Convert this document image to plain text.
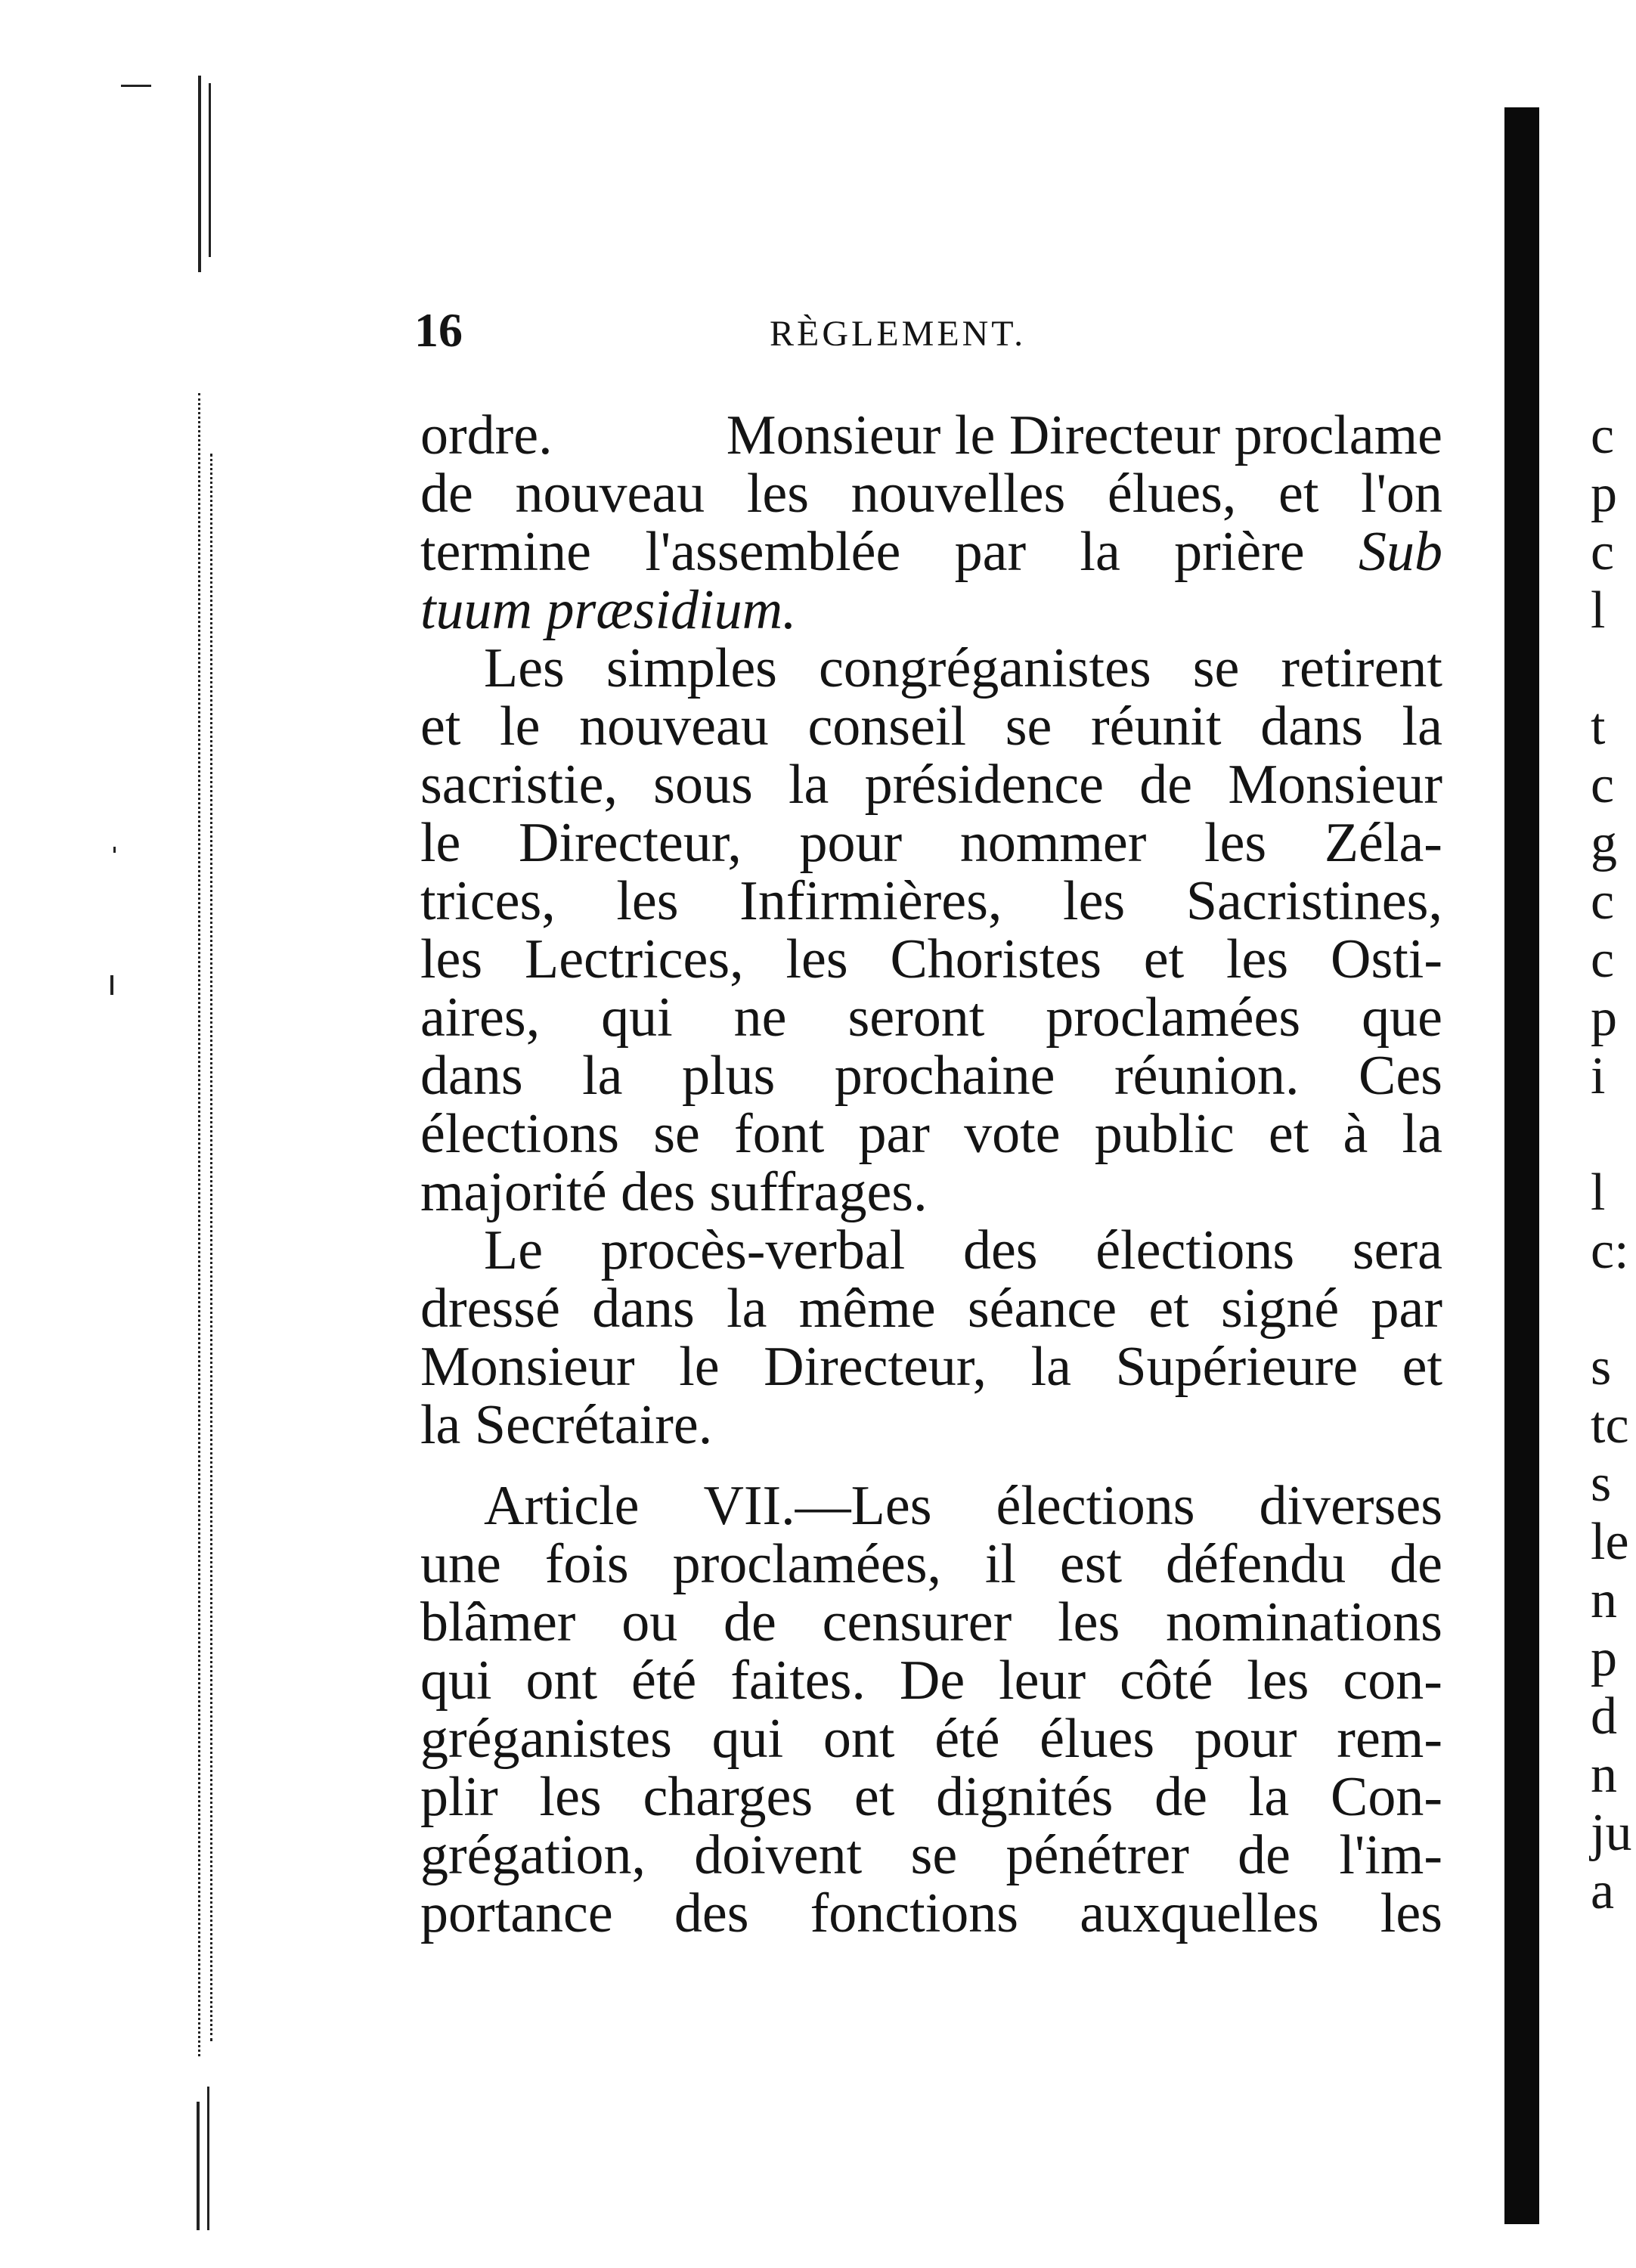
16	RÈGLEMENT.
ordre.	Monsieur le Directeur proclame
de nouveau les nouvelles élues, et l'on
termine l'assemblée par la prière Sub
tuum præsidium.
Les simples congréganistes se retirent
et le nouveau conseil se réunit dans la
sacristie, sous la présidence de Monsieur
le Directeur, pour nommer les Zéla-
trices, les Infirmières, les Sacristines,
les Lectrices, les Choristes et les Osti-
aires, qui ne seront proclamées que
dans la plus prochaine réunion. Ces
élections se font par vote public et à la
majorité des suffrages.
Le procès-verbal des élections sera
dressé dans la même séance et signé par
Monsieur le Directeur, la Supérieure et
la Secrétaire.
Article VII.—Les élections diverses
une fois proclamées, il est défendu de
blâmer ou de censurer les nominations
qui ont été faites. De leur côté les con-
gréganistes qui ont été élues pour rem-
plir les charges et dignités de la Con-
grégation, doivent se pénétrer de l'im-
portance des fonctions auxquelles les
c
p
c
l
t
c
g
c
c
p
i
l
c:
s
tc
s
le
n
p
d
n
ju
a
